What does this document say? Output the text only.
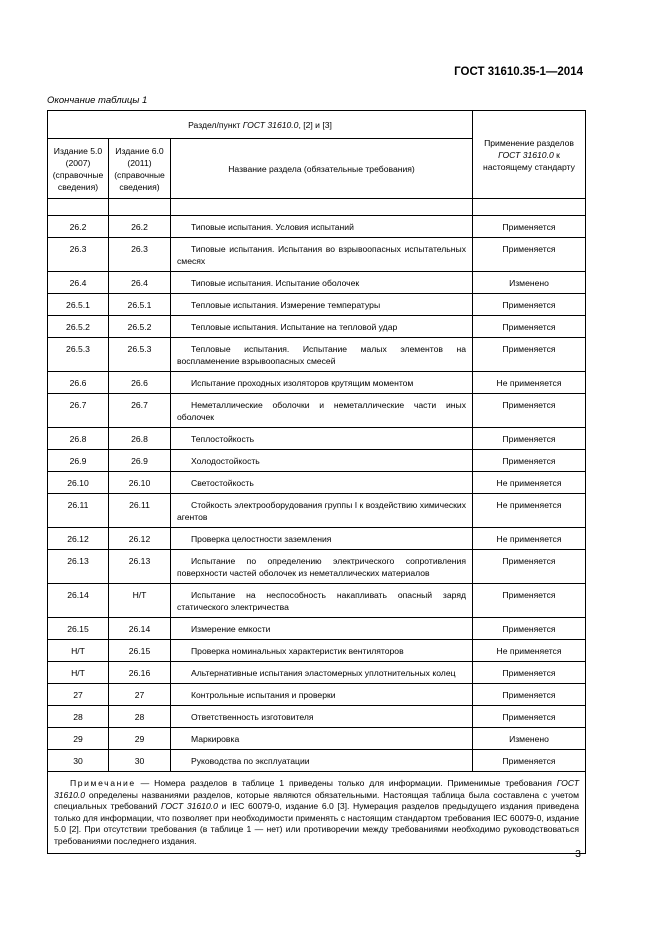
ГОСТ 31610.35-1—2014
Окончание таблицы 1
Раздел/пункт ГОСТ 31610.0, [2] и [3]			Применение разделов ГОСТ 31610.0 к настоящему стандарту
Издание 5.0 (2007) (справочные сведения)	Издание 6.0 (2011) (справочные сведения)	Название раздела (обязательные требования)	

26.2	26.2	Типовые испытания. Условия испытаний	Применяется
26.3	26.3	Типовые испытания. Испытания во взрывоопасных испытательных смесях	Применяется
26.4	26.4	Типовые испытания. Испытание оболочек	Изменено
26.5.1	26.5.1	Тепловые испытания. Измерение температуры	Применяется
26.5.2	26.5.2	Тепловые испытания. Испытание на тепловой удар	Применяется
26.5.3	26.5.3	Тепловые испытания. Испытание малых элементов на воспламенение взрывоопасных смесей	Применяется
26.6	26.6	Испытание проходных изоляторов крутящим моментом	Не применяется
26.7	26.7	Неметаллические оболочки и неметаллические части иных оболочек	Применяется
26.8	26.8	Теплостойкость	Применяется
26.9	26.9	Холодостойкость	Применяется
26.10	26.10	Светостойкость	Не применяется
26.11	26.11	Стойкость электрооборудования группы I к воздействию химических агентов	Не применяется
26.12	26.12	Проверка целостности заземления	Не применяется
26.13	26.13	Испытание по определению электрического сопротивления поверхности частей оболочек из неметаллических материалов	Применяется
26.14	Н/Т	Испытание на неспособность накапливать опасный заряд статического электричества	Применяется
26.15	26.14	Измерение емкости	Применяется
Н/Т	26.15	Проверка номинальных характеристик вентиляторов	Не применяется
Н/Т	26.16	Альтернативные испытания эластомерных уплотнительных колец	Применяется
27	27	Контрольные испытания и проверки	Применяется
28	28	Ответственность изготовителя	Применяется
29	29	Маркировка	Изменено
30	30	Руководства по эксплуатации	Применяется
Примечание — Номера разделов в таблице 1 приведены только для информации. Применимые требования ГОСТ 31610.0 определены названиями разделов, которые являются обязательными. Настоящая таблица была составлена с учетом специальных требований ГОСТ 31610.0 и IEC 60079-0, издание 6.0 [3]. Нумерация разделов предыдущего издания приведена только для информации, что позволяет при необходимости применять с настоящим стандартом требования IEC 60079-0, издание 5.0 [2]. При отсутствии требования (в таблице 1 — нет) или противоречии между требованиями необходимо руководствоваться требованиями последнего издания.			
3
